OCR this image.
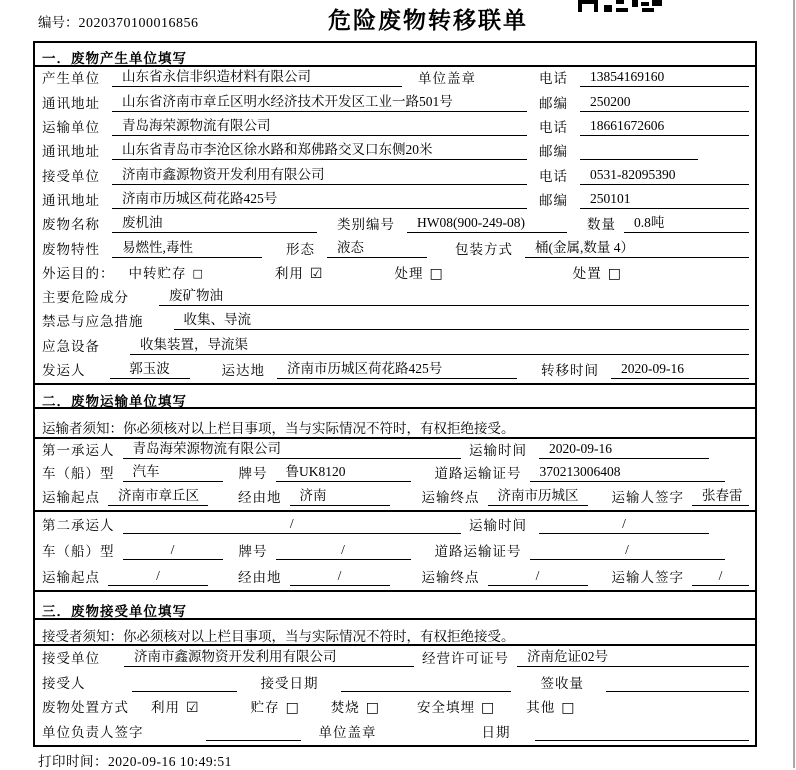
编号：2020370100016856	危险废物转移联单
一．废物产生单位填写
产生单位	山东省永信非织造材料有限公司	单位盖章	电话	13854169160
通讯地址	山东省济南市章丘区明水经济技术开发区工业一路501号	邮编	250200
运输单位	青岛海荣源物流有限公司	电话	18661672606
通讯地址	山东省青岛市李沧区徐水路和郑佛路交叉口东侧20米	邮编
接受单位	济南市鑫源物资开发利用有限公司	电话	0531-82095390
通讯地址	济南市历城区荷花路425号	邮编	250101
废物名称	废机油	类别编号	HW08(900-249-08)	数量	0.8吨
废物特性	易燃性,毒性	形态	液态	包装方式	桶(金属,数量 4）
外运目的： 中转贮存 □	利用 ☑	处理 □	处置 □
主要危险成分	废矿物油
禁忌与应急措施	收集、导流
应急设备	收集装置，导流渠
发运人	郭玉波	运达地	济南市历城区荷花路425号	转移时间	2020-09-16
二．废物运输单位填写
运输者须知：你必须核对以上栏目事项，当与实际情况不符时，有权拒绝接受。
第一承运人	青岛海荣源物流有限公司	运输时间	2020-09-16
车（船）型	汽车	牌号	鲁UK8120	道路运输证号	370213006408
运输起点	济南市章丘区	经由地	济南	运输终点	济南市历城区	运输人签字	张春雷
第二承运人	/	运输时间	/
车（船）型	/	牌号	/	道路运输证号	/
运输起点	/	经由地	/	运输终点	/	运输人签字	/
三．废物接受单位填写
接受者须知：你必须核对以上栏目事项，当与实际情况不符时，有权拒绝接受。
接受单位	济南市鑫源物资开发利用有限公司	经营许可证号	济南危证02号
接受人	接受日期	签收量
废物处置方式 利用 ☑	贮存 □ 焚烧 □	安全填埋 □ 其他 □
单位负责人签字	单位盖章	日期
打印时间：2020-09-16 10:49:51
